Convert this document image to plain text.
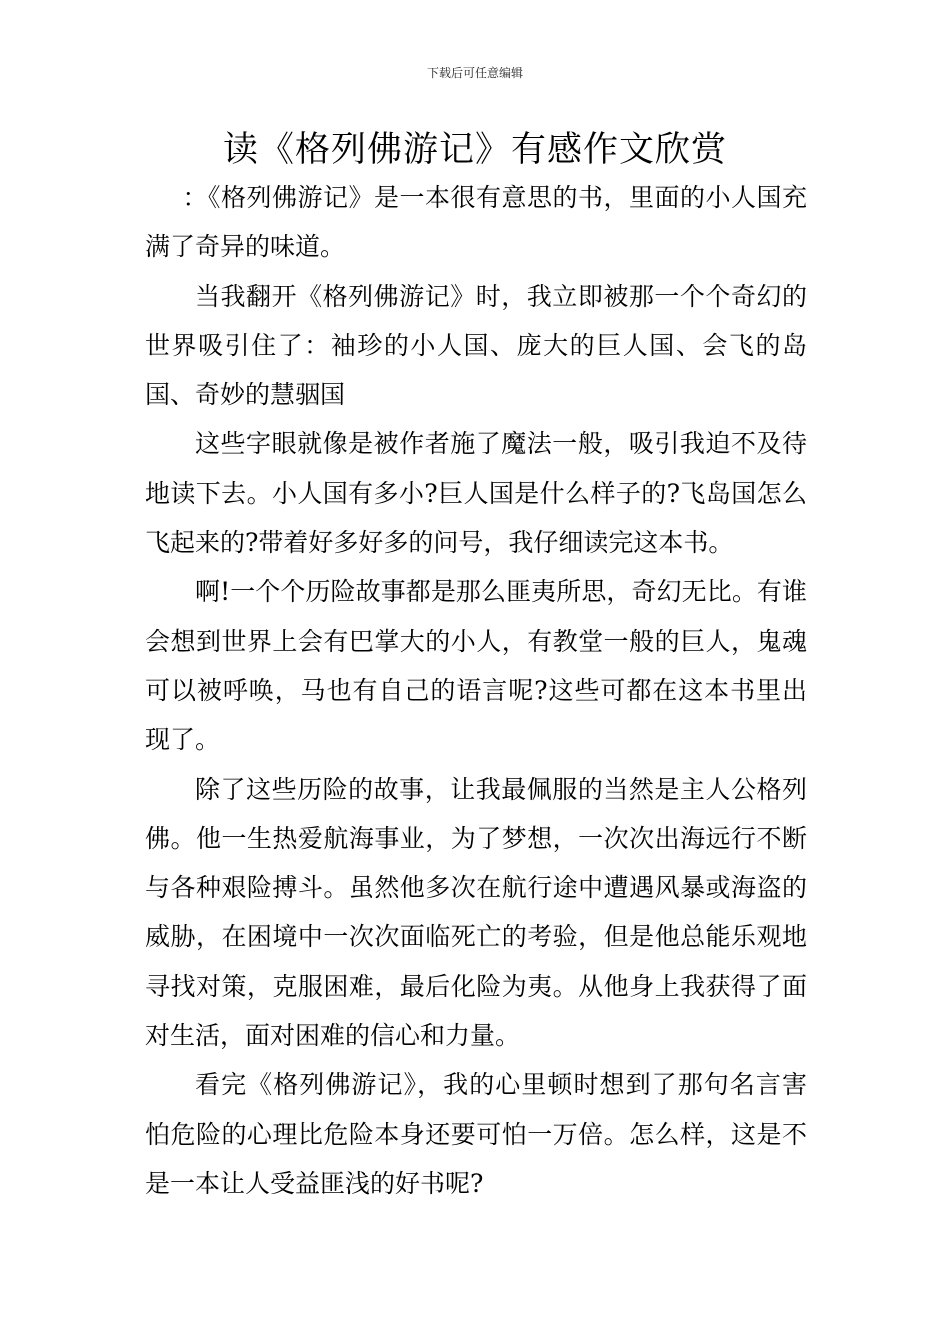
下载后可任意编辑
读《格列佛游记》有感作文欣赏

：《格列佛游记》是一本很有意思的书，里面的小人国充满了奇异的味道。

当我翻开《格列佛游记》时，我立即被那一个个奇幻的世界吸引住了：袖珍的小人国、庞大的巨人国、会飞的岛国、奇妙的慧骃国

这些字眼就像是被作者施了魔法一般，吸引我迫不及待地读下去。小人国有多小?巨人国是什么样子的?飞岛国怎么飞起来的?带着好多好多的问号，我仔细读完这本书。

啊!一个个历险故事都是那么匪夷所思，奇幻无比。有谁会想到世界上会有巴掌大的小人，有教堂一般的巨人，鬼魂可以被呼唤，马也有自己的语言呢?这些可都在这本书里出现了。

除了这些历险的故事，让我最佩服的当然是主人公格列佛。他一生热爱航海事业，为了梦想，一次次出海远行不断与各种艰险搏斗。虽然他多次在航行途中遭遇风暴或海盗的威胁，在困境中一次次面临死亡的考验，但是他总能乐观地寻找对策，克服困难，最后化险为夷。从他身上我获得了面对生活，面对困难的信心和力量。

看完《格列佛游记》，我的心里顿时想到了那句名言害怕危险的心理比危险本身还要可怕一万倍。怎么样，这是不是一本让人受益匪浅的好书呢?
